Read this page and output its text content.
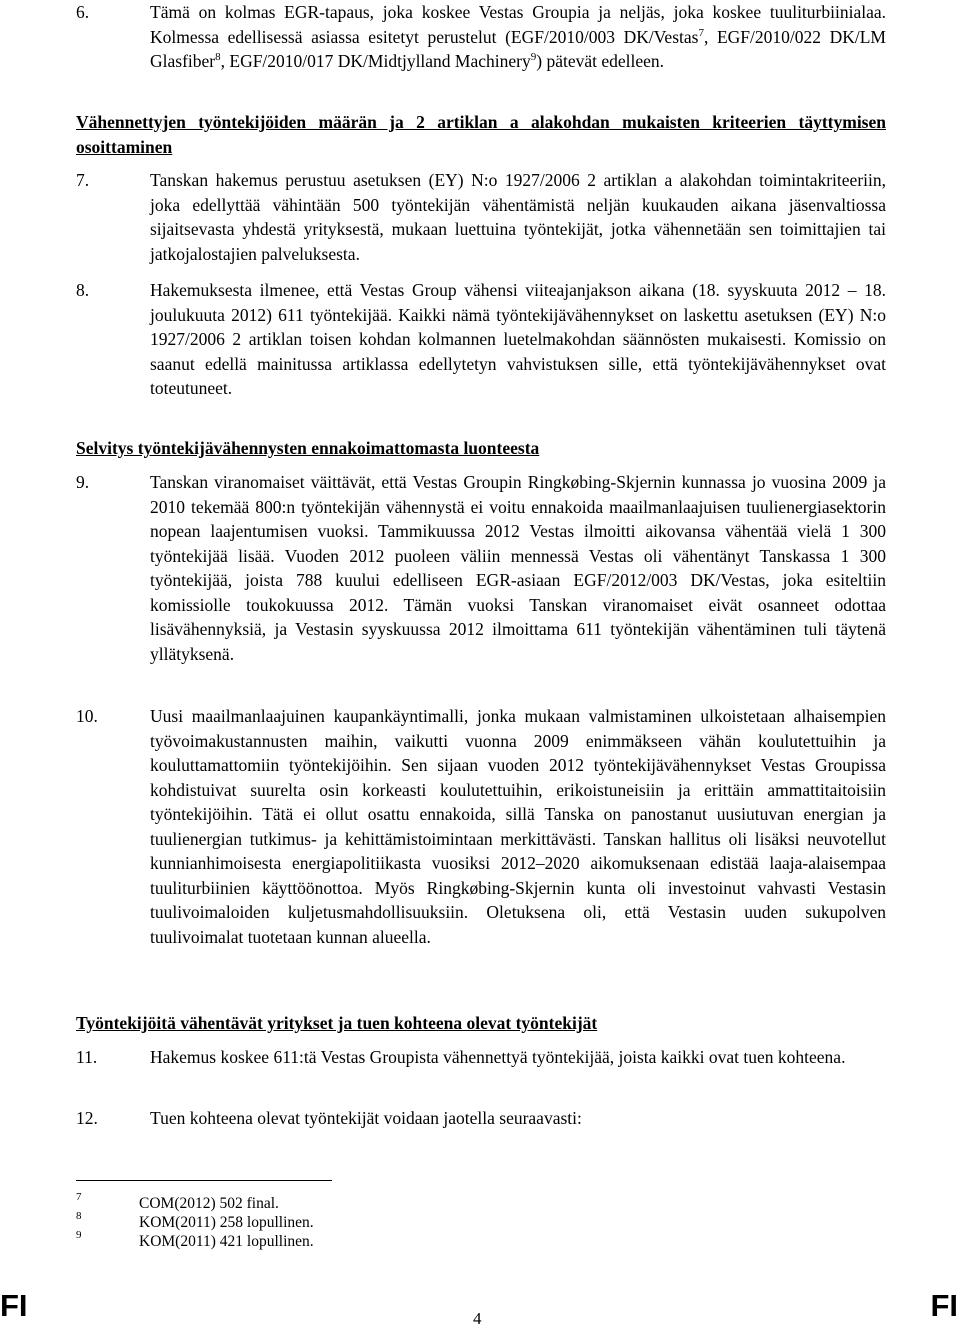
6.	Tämä on kolmas EGR-tapaus, joka koskee Vestas Groupia ja neljäs, joka koskee tuuliturbiinialaa. Kolmessa edellisessä asiassa esitetyt perustelut (EGF/2010/003 DK/Vestas$^7$, EGF/2010/022 DK/LM Glasfiber$^8$, EGF/2010/017 DK/Midtjylland Machinery$^9$) pätevät edelleen.
Vähennettyjen työntekijöiden määrän ja 2 artiklan a alakohdan mukaisten kriteerien täyttymisen osoittaminen
7.	Tanskan hakemus perustuu asetuksen (EY) N:o 1927/2006 2 artiklan a alakohdan toimintakriteeriin, joka edellyttää vähintään 500 työntekijän vähentämistä neljän kuukauden aikana jäsenvaltiossa sijaitsevasta yhdestä yrityksestä, mukaan luettuina työntekijät, jotka vähennetään sen toimittajien tai jatkojalostajien palveluksesta.
8.	Hakemuksesta ilmenee, että Vestas Group vähensi viiteajanjakson aikana (18. syyskuuta 2012 – 18. joulukuuta 2012) 611 työntekijää. Kaikki nämä työntekijävähennykset on laskettu asetuksen (EY) N:o 1927/2006 2 artiklan toisen kohdan kolmannen luetelmakohdan säännösten mukaisesti. Komissio on saanut edellä mainitussa artiklassa edellytetyn vahvistuksen sille, että työntekijävähennykset ovat toteutuneet.
Selvitys työntekijävähennysten ennakoimattomasta luonteesta
9.	Tanskan viranomaiset väittävät, että Vestas Groupin Ringkøbing-Skjernin kunnassa jo vuosina 2009 ja 2010 tekemää 800:n työntekijän vähennystä ei voitu ennakoida maailmanlaajuisen tuulienergiasektorin nopean laajentumisen vuoksi. Tammikuussa 2012 Vestas ilmoitti aikovansa vähentää vielä 1 300 työntekijää lisää. Vuoden 2012 puoleen väliin mennessä Vestas oli vähentänyt Tanskassa 1 300 työntekijää, joista 788 kuului edelliseen EGR-asiaan EGF/2012/003 DK/Vestas, joka esiteltiin komissiolle toukokuussa 2012. Tämän vuoksi Tanskan viranomaiset eivät osanneet odottaa lisävähennyksiä, ja Vestasin syyskuussa 2012 ilmoittama 611 työntekijän vähentäminen tuli täytenä yllätyksenä.
10.	Uusi maailmanlaajuinen kaupankäyntimalli, jonka mukaan valmistaminen ulkoistetaan alhaisempien työvoimakustannusten maihin, vaikutti vuonna 2009 enimmäkseen vähän koulutettuihin ja kouluttamattomiin työntekijöihin. Sen sijaan vuoden 2012 työntekijävähennykset Vestas Groupissa kohdistuivat suurelta osin korkeasti koulutettuihin, erikoistuneisiin ja erittäin ammattitaitoisiin työntekijöihin. Tätä ei ollut osattu ennakoida, sillä Tanska on panostanut uusiutuvan energian ja tuulienergian tutkimus- ja kehittämistoimintaan merkittävästi. Tanskan hallitus oli lisäksi neuvotellut kunnianhimoisesta energiapolitiikasta vuosiksi 2012–2020 aikomuksenaan edistää laaja-alaisempaa tuuliturbiinien käyttöönottoa. Myös Ringkøbing-Skjernin kunta oli investoinut vahvasti Vestasin tuulivoimaloiden kuljetusmahdollisuuksiin. Oletuksena oli, että Vestasin uuden sukupolven tuulivoimalat tuotetaan kunnan alueella.
Työntekijöitä vähentävät yritykset ja tuen kohteena olevat työntekijät
11.	Hakemus koskee 611:tä Vestas Groupista vähennettyä työntekijää, joista kaikki ovat tuen kohteena.
12.	Tuen kohteena olevat työntekijät voidaan jaotella seuraavasti:
7	COM(2012) 502 final.
8	KOM(2011) 258 lopullinen.
9	KOM(2011) 421 lopullinen.
FI	4	FI
